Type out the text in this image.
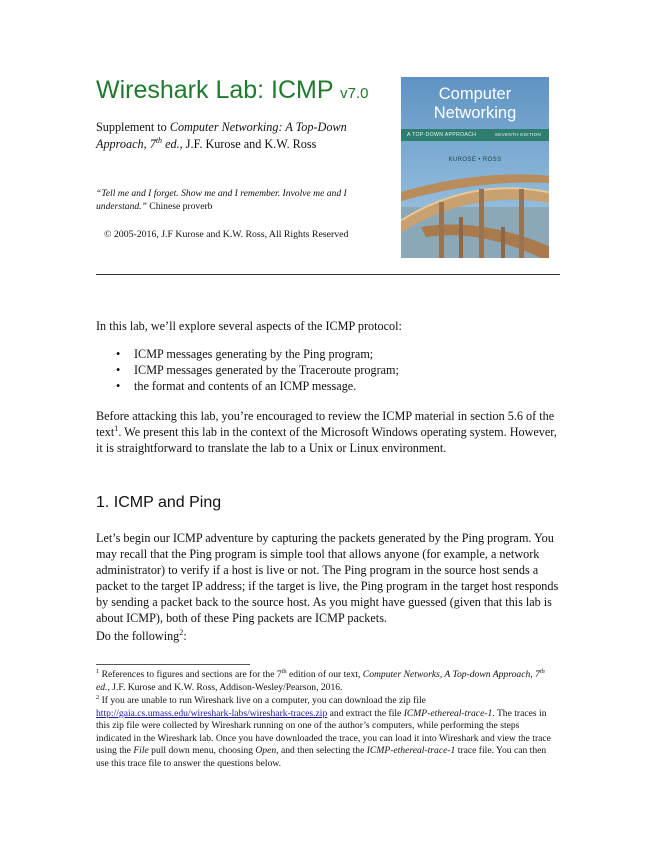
Wireshark Lab: ICMP v7.0
Supplement to Computer Networking: A Top-Down Approach, 7th ed., J.F. Kurose and K.W. Ross
“Tell me and I forget. Show me and I remember. Involve me and I understand.” Chinese proverb
© 2005-2016, J.F Kurose and K.W. Ross, All Rights Reserved
Computer
Networking
A TOP-DOWN APPROACH	SEVENTH EDITION
KUROSE • ROSS
In this lab, we’ll explore several aspects of the ICMP protocol:
• ICMP messages generating by the Ping program;
• ICMP messages generated by the Traceroute program;
• the format and contents of an ICMP message.
Before attacking this lab, you’re encouraged to review the ICMP material in section 5.6 of the text$^1$. We present this lab in the context of the Microsoft Windows operating system. However, it is straightforward to translate the lab to a Unix or Linux environment.
1. ICMP and Ping
Let’s begin our ICMP adventure by capturing the packets generated by the Ping program. You may recall that the Ping program is simple tool that allows anyone (for example, a network administrator) to verify if a host is live or not. The Ping program in the source host sends a packet to the target IP address; if the target is live, the Ping program in the target host responds by sending a packet back to the source host. As you might have guessed (given that this lab is about ICMP), both of these Ping packets are ICMP packets.
Do the following$^2$:
$^1$ References to figures and sections are for the 7th edition of our text, Computer Networks, A Top-down Approach, 7th ed., J.F. Kurose and K.W. Ross, Addison-Wesley/Pearson, 2016.
$^2$ If you are unable to run Wireshark live on a computer, you can download the zip file
http://gaia.cs.umass.edu/wireshark-labs/wireshark-traces.zip and extract the file ICMP-ethereal-trace-1. The traces in this zip file were collected by Wireshark running on one of the author’s computers, while performing the steps indicated in the Wireshark lab. Once you have downloaded the trace, you can load it into Wireshark and view the trace using the File pull down menu, choosing Open, and then selecting the ICMP-ethereal-trace-1 trace file. You can then use this trace file to answer the questions below.
